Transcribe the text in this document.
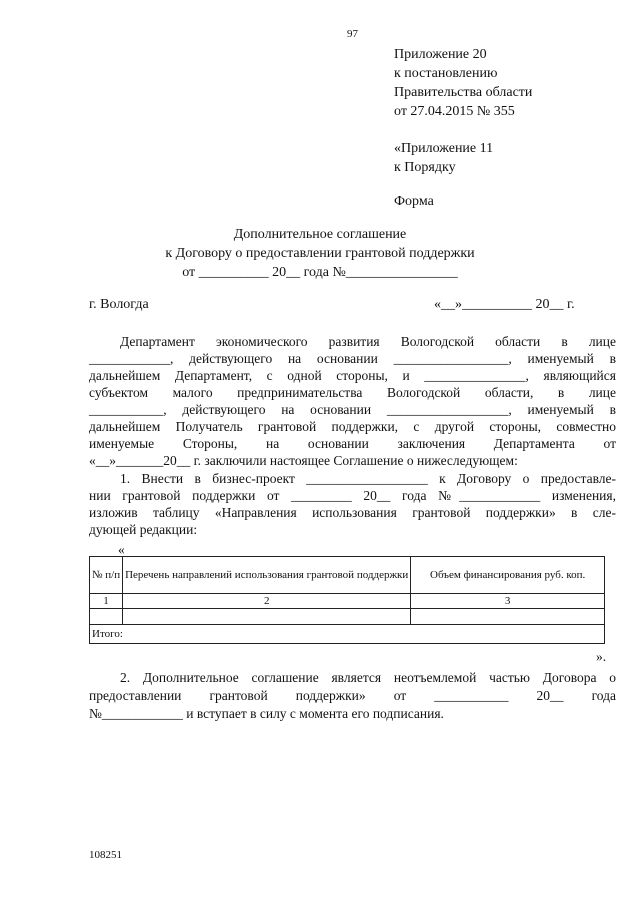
97
Приложение 20
к постановлению
Правительства области
от 27.04.2015 № 355
«Приложение 11
к Порядку
Форма
Дополнительное соглашение
к Договору о предоставлении грантовой поддержки
от __________ 20__ года №________________
г. Вологда	«__»__________ 20__ г.
Департамент экономического развития Вологодской области в лице
____________, действующего на основании _________________, именуемый в
дальнейшем Департамент, с одной стороны, и _______________, являющийся
субъектом малого предпринимательства Вологодской области, в лице
___________, действующего на основании __________________, именуемый в
дальнейшем Получатель грантовой поддержки, с другой стороны, совместно
именуемые Стороны, на основании заключения Департамента от
«__»_______20__ г. заключили настоящее Соглашение о нижеследующем:
1. Внести в бизнес-проект __________________ к Договору о предоставле-
нии грантовой поддержки от _________ 20__ года №____________ изменения,
изложив таблицу «Направления использования грантовой поддержки» в сле-
дующей редакции:
«
№ п/п	Перечень направлений использования грантовой поддержки	Объем финансирования руб. коп.
1	2	3

Итого:		
».
2. Дополнительное соглашение является неотъемлемой частью Договора о
предоставлении грантовой поддержки» от ___________ 20__ года
№____________ и вступает в силу с момента его подписания.
108251
